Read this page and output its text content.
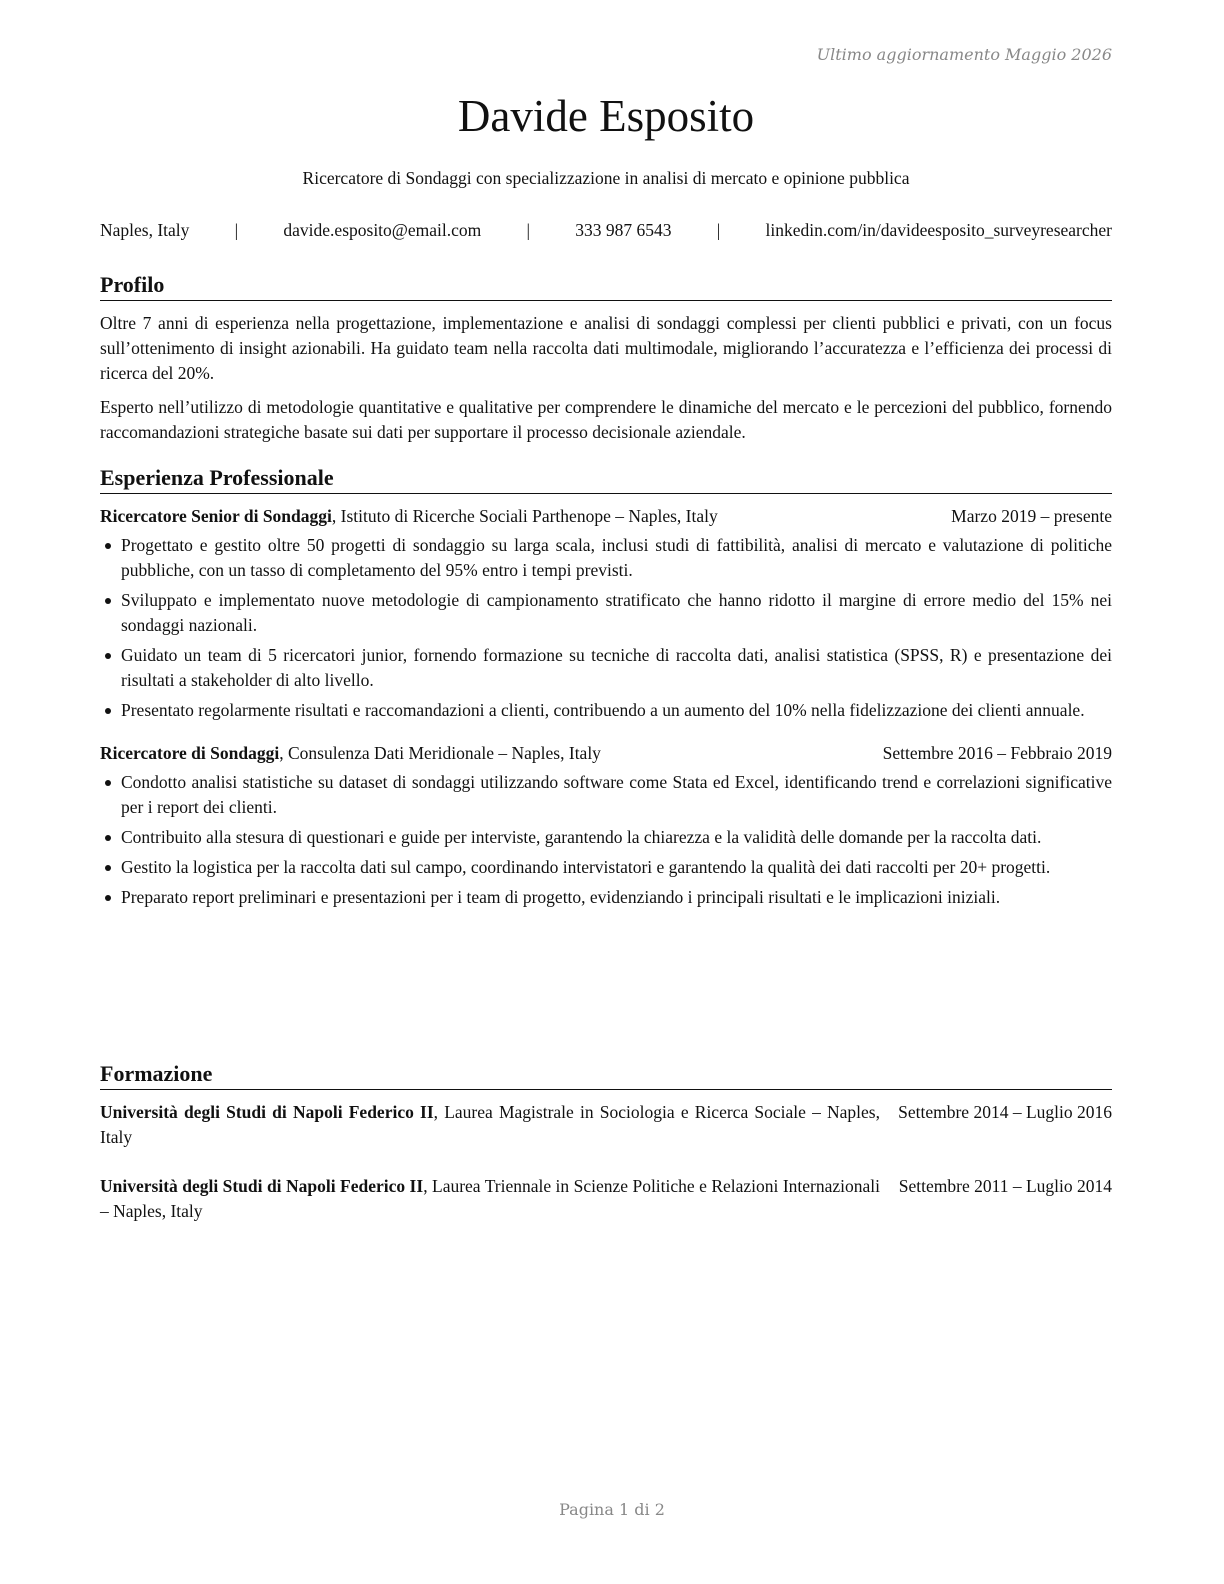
Ultimo aggiornamento Maggio 2026
Davide Esposito
Ricercatore di Sondaggi con specializzazione in analisi di mercato e opinione pubblica
Naples, Italy	|	davide.esposito@email.com	|	333 987 6543	|	linkedin.com/in/davideesposito_surveyresearcher
Profilo

Oltre 7 anni di esperienza nella progettazione, implementazione e analisi di sondaggi complessi per clienti pubblici e privati, con un focus sull’ottenimento di insight azionabili. Ha guidato team nella raccolta dati multimodale, migliorando l’accuratezza e l’efficienza dei processi di ricerca del 20%.

Esperto nell’utilizzo di metodologie quantitative e qualitative per comprendere le dinamiche del mercato e le percezioni del pubblico, fornendo raccomandazioni strategiche basate sui dati per supportare il processo decisionale aziendale.

Esperienza Professionale
Ricercatore Senior di Sondaggi, Istituto di Ricerche Sociali Parthenope – Naples, Italy	Marzo 2019 – presente
Progettato e gestito oltre 50 progetti di sondaggio su larga scala, inclusi studi di fattibilità, analisi di mercato e valutazione di politiche pubbliche, con un tasso di completamento del 95% entro i tempi previsti.
Sviluppato e implementato nuove metodologie di campionamento stratificato che hanno ridotto il margine di errore medio del 15% nei sondaggi nazionali.
Guidato un team di 5 ricercatori junior, fornendo formazione su tecniche di raccolta dati, analisi statistica (SPSS, R) e presentazione dei risultati a stakeholder di alto livello.
Presentato regolarmente risultati e raccomandazioni a clienti, contribuendo a un aumento del 10% nella fidelizzazione dei clienti annuale.
Ricercatore di Sondaggi, Consulenza Dati Meridionale – Naples, Italy	Settembre 2016 – Febbraio 2019
Condotto analisi statistiche su dataset di sondaggi utilizzando software come Stata ed Excel, identificando trend e correlazioni significative per i report dei clienti.
Contribuito alla stesura di questionari e guide per interviste, garantendo la chiarezza e la validità delle domande per la raccolta dati.
Gestito la logistica per la raccolta dati sul campo, coordinando intervistatori e garantendo la qualità dei dati raccolti per 20+ progetti.
Preparato report preliminari e presentazioni per i team di progetto, evidenziando i principali risultati e le implicazioni iniziali.
Formazione
Università degli Studi di Napoli Federico II, Laurea Magistrale in Sociologia e Ricerca Sociale – Naples, Italy
Settembre 2014 – Luglio 2016
Università degli Studi di Napoli Federico II, Laurea Triennale in Scienze Politiche e Relazioni Internazionali – Naples, Italy
Settembre 2011 – Luglio 2014
Pagina 1 di 2
